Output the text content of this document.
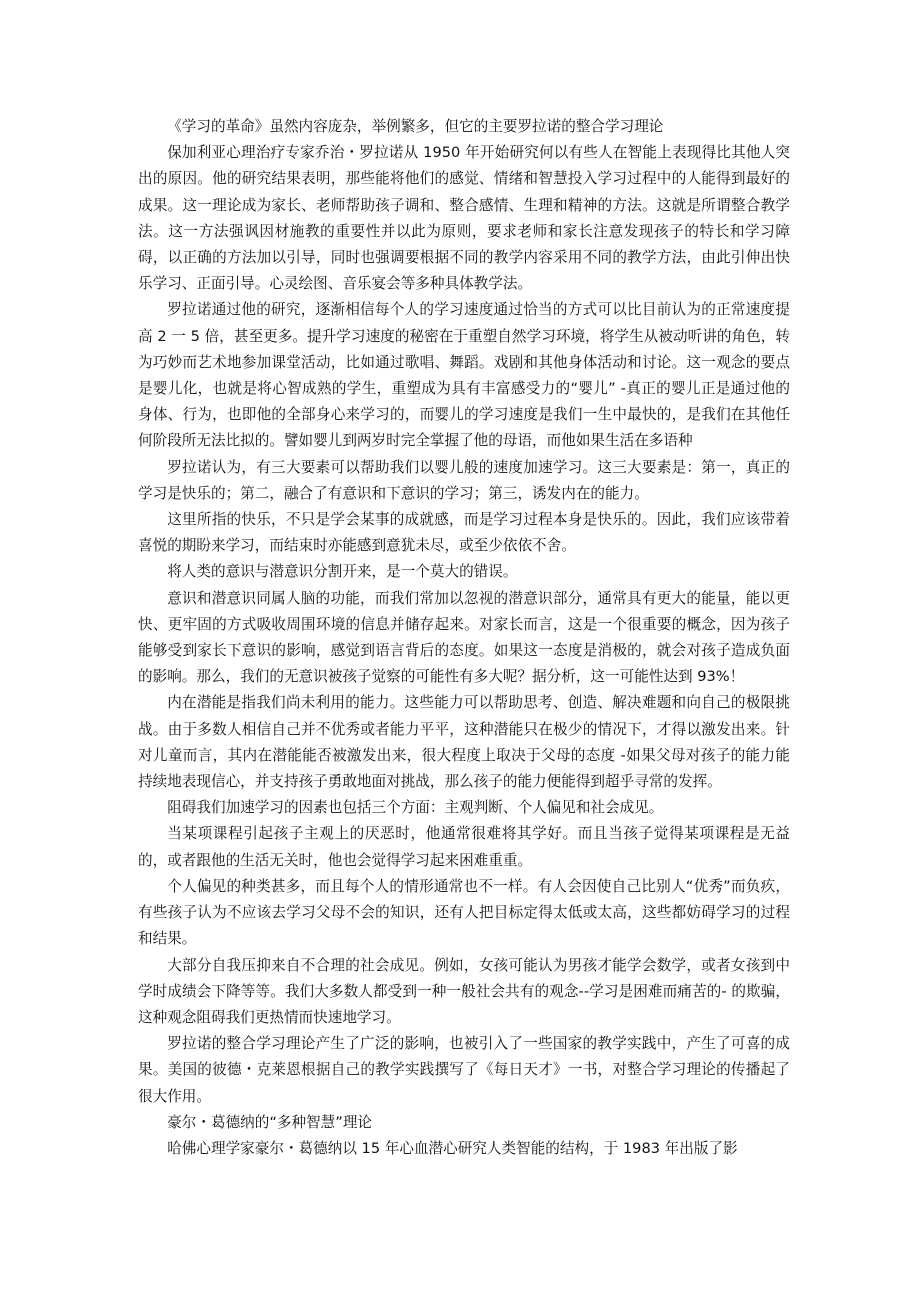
《学习的革命》虽然内容庞杂，举例繁多，但它的主要罗拉诺的整合学习理论

保加利亚心理治疗专家乔治・罗拉诺从 1950 年开始研究何以有些人在智能上表现得比其他人突出的原因。他的研究结果表明，那些能将他们的感觉、情绪和智慧投入学习过程中的人能得到最好的成果。这一理论成为家长、老师帮助孩子调和、整合感情、生理和精神的方法。这就是所谓整合教学法。这一方法强讽因材施教的重要性并以此为原则，要求老师和家长注意发现孩子的特长和学习障碍，以正确的方法加以引导，同时也强调要根据不同的教学内容采用不同的教学方法，由此引伸出快乐学习、正面引导。心灵绘图、音乐宴会等多种具体教学法。

罗拉诺通过他的研究，逐渐相信每个人的学习速度通过恰当的方式可以比目前认为的正常速度提高 2 一 5 倍，甚至更多。提升学习速度的秘密在于重塑自然学习环境，将学生从被动听讲的角色，转为巧妙而艺术地参加课堂活动，比如通过歌唱、舞蹈。戏剧和其他身体活动和讨论。这一观念的要点是婴儿化，也就是将心智成熟的学生，重塑成为具有丰富感受力的“婴儿” -真正的婴儿正是通过他的身体、行为，也即他的全部身心来学习的，而婴儿的学习速度是我们一生中最快的，是我们在其他任何阶段所无法比拟的。譬如婴儿到两岁时完全掌握了他的母语，而他如果生活在多语种

罗拉诺认为，有三大要素可以帮助我们以婴儿般的速度加速学习。这三大要素是：第一，真正的学习是快乐的；第二，融合了有意识和下意识的学习；第三，诱发内在的能力。

这里所指的快乐，不只是学会某事的成就感，而是学习过程本身是快乐的。因此，我们应该带着喜悦的期盼来学习，而结束时亦能感到意犹未尽，或至少依依不舍。

将人类的意识与潜意识分割开来，是一个莫大的错误。

意识和潜意识同属人脑的功能，而我们常加以忽视的潜意识部分，通常具有更大的能量，能以更快、更牢固的方式吸收周围环境的信息并储存起来。对家长而言，这是一个很重要的概念，因为孩子能够受到家长下意识的影响，感觉到语言背后的态度。如果这一态度是消极的，就会对孩子造成负面的影响。那么，我们的无意识被孩子觉察的可能性有多大呢？据分析，这一可能性达到 93%！

内在潜能是指我们尚未利用的能力。这些能力可以帮助思考、创造、解决难题和向自己的极限挑战。由于多数人相信自己并不优秀或者能力平平，这种潜能只在极少的情况下，才得以激发出来。针对儿童而言，其内在潜能能否被激发出来，很大程度上取决于父母的态度 -如果父母对孩子的能力能持续地表现信心，并支持孩子勇敢地面对挑战，那么孩子的能力便能得到超乎寻常的发挥。

阻碍我们加速学习的因素也包括三个方面：主观判断、个人偏见和社会成见。

当某项课程引起孩子主观上的厌恶时，他通常很难将其学好。而且当孩子觉得某项课程是无益的，或者跟他的生活无关时，他也会觉得学习起来困难重重。

个人偏见的种类甚多，而且每个人的情形通常也不一样。有人会因使自己比别人“优秀”而负疚，有些孩子认为不应该去学习父母不会的知识，还有人把目标定得太低或太高，这些都妨碍学习的过程和结果。

大部分自我压抑来自不合理的社会成见。例如，女孩可能认为男孩才能学会数学，或者女孩到中学时成绩会下降等等。我们大多数人都受到一种一般社会共有的观念--学习是困难而痛苦的- 的欺骗，这种观念阻碍我们更热情而快速地学习。

罗拉诺的整合学习理论产生了广泛的影响，也被引入了一些国家的教学实践中，产生了可喜的成果。美国的彼德・克莱恩根据自己的教学实践撰写了《每日天才》一书，对整合学习理论的传播起了很大作用。

豪尔・葛德纳的“多种智慧”理论

哈佛心理学家豪尔・葛德纳以 15 年心血潜心研究人类智能的结构，于 1983 年出版了影
